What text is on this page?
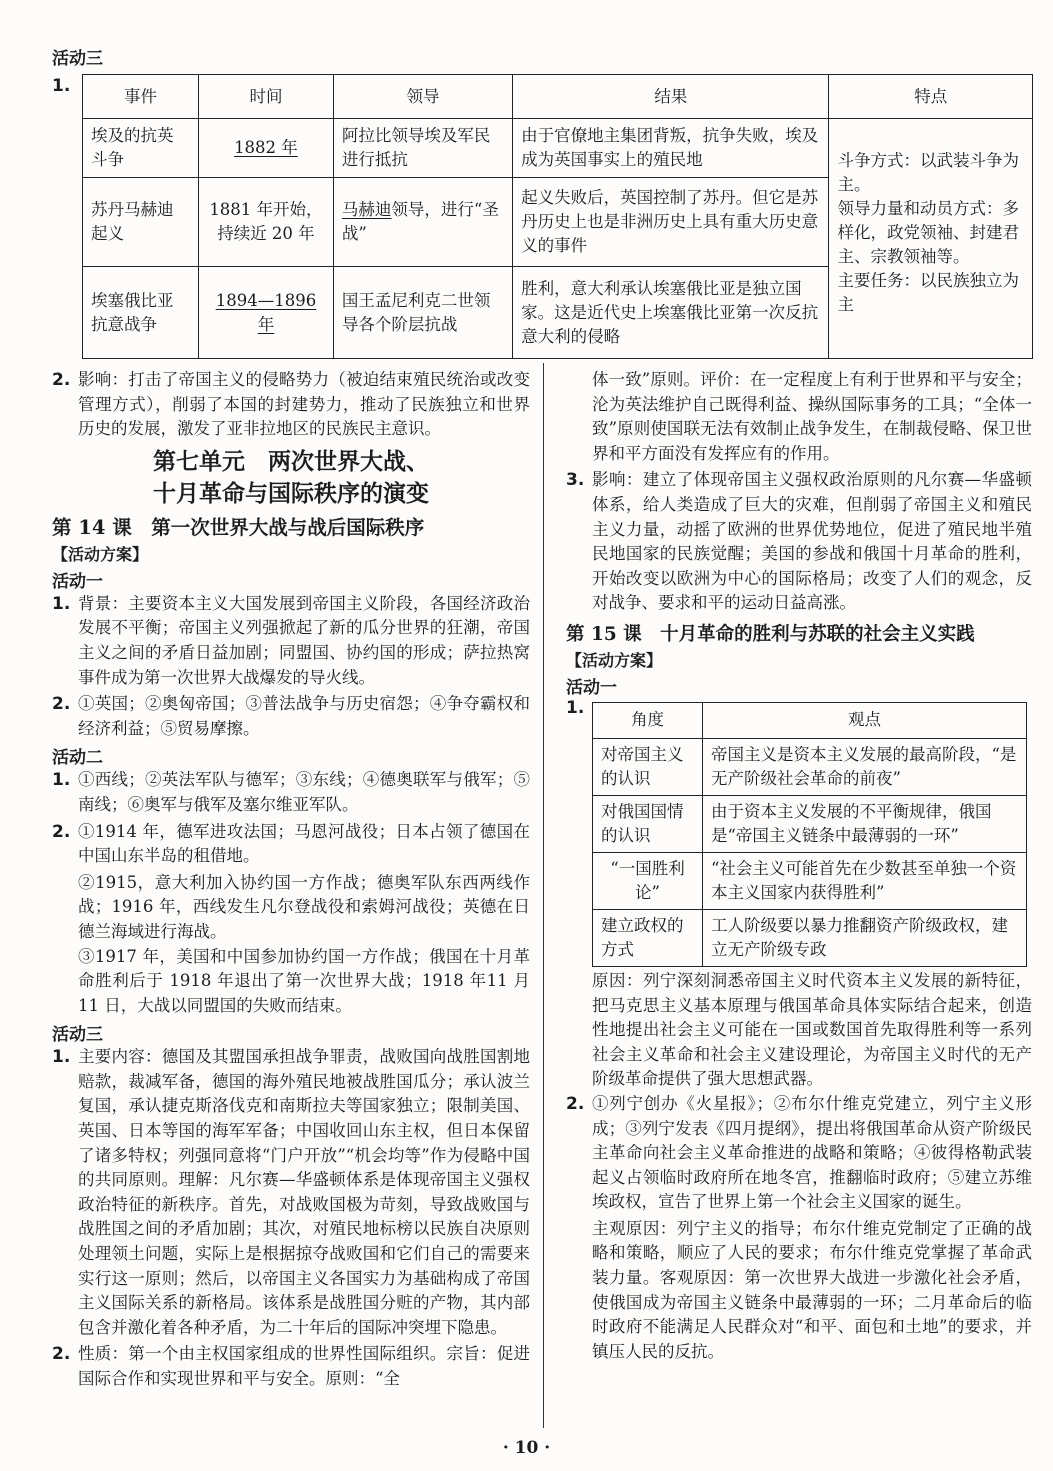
活动三
1.	事件	时间	领导	结果	特点
埃及的抗英斗争	1882 年	阿拉比领导埃及军民进行抵抗	由于官僚地主集团背叛，抗争失败，埃及成为英国事实上的殖民地	斗争方式：以武装斗争为主。
领导力量和动员方式：多样化，政党领袖、封建君主、宗教领袖等。
主要任务：以民族独立为主

苏丹马赫迪起义	1881 年开始，持续近 20 年	马赫迪领导，进行“圣战”	起义失败后，英国控制了苏丹。但它是苏丹历史上也是非洲历史上具有重大历史意义的事件	
埃塞俄比亚抗意战争	1894—1896 年	国王孟尼利克二世领导各个阶层抗战	胜利，意大利承认埃塞俄比亚是独立国家。这是近代史上埃塞俄比亚第一次反抗意大利的侵略	
2. 影响：打击了帝国主义的侵略势力（被迫结束殖民统治或改变管理方式），削弱了本国的封建势力，推动了民族独立和世界历史的发展，激发了亚非拉地区的民族民主意识。

第七单元　两次世界大战、
十月革命与国际秩序的演变
第 14 课　第一次世界大战与战后国际秩序
【活动方案】
活动一
1. 背景：主要资本主义大国发展到帝国主义阶段，各国经济政治发展不平衡；帝国主义列强掀起了新的瓜分世界的狂潮，帝国主义之间的矛盾日益加剧；同盟国、协约国的形成；萨拉热窝事件成为第一次世界大战爆发的导火线。

2. ①英国；②奥匈帝国；③普法战争与历史宿怨；④争夺霸权和经济利益；⑤贸易摩擦。

活动二
1. ①西线；②英法军队与德军；③东线；④德奥联军与俄军；⑤南线；⑥奥军与俄军及塞尔维亚军队。

2. ①1914 年，德军进攻法国；马恩河战役；日本占领了德国在中国山东半岛的租借地。

②1915，意大利加入协约国一方作战；德奥军队东西两线作战；1916 年，西线发生凡尔登战役和索姆河战役；英德在日德兰海域进行海战。

③1917 年，美国和中国参加协约国一方作战；俄国在十月革命胜利后于 1918 年退出了第一次世界大战；1918 年11 月 11 日，大战以同盟国的失败而结束。

活动三
1. 主要内容：德国及其盟国承担战争罪责，战败国向战胜国割地赔款，裁减军备，德国的海外殖民地被战胜国瓜分；承认波兰复国，承认捷克斯洛伐克和南斯拉夫等国家独立；限制美国、英国、日本等国的海军军备；中国收回山东主权，但日本保留了诸多特权；列强同意将“门户开放”“机会均等”作为侵略中国的共同原则。理解：凡尔赛—华盛顿体系是体现帝国主义强权政治特征的新秩序。首先，对战败国极为苛刻，导致战败国与战胜国之间的矛盾加剧；其次，对殖民地标榜以民族自决原则处理领土问题，实际上是根据掠夺战败国和它们自己的需要来实行这一原则；然后，以帝国主义各国实力为基础构成了帝国主义国际关系的新格局。该体系是战胜国分赃的产物，其内部包含并激化着各种矛盾，为二十年后的国际冲突埋下隐患。

2. 性质：第一个由主权国家组成的世界性国际组织。宗旨：促进国际合作和实现世界和平与安全。原则：“全

体一致”原则。评价：在一定程度上有利于世界和平与安全；沦为英法维护自己既得利益、操纵国际事务的工具；“全体一致”原则使国联无法有效制止战争发生，在制裁侵略、保卫世界和平方面没有发挥应有的作用。

3. 影响：建立了体现帝国主义强权政治原则的凡尔赛—华盛顿体系，给人类造成了巨大的灾难，但削弱了帝国主义和殖民主义力量，动摇了欧洲的世界优势地位，促进了殖民地半殖民地国家的民族觉醒；美国的参战和俄国十月革命的胜利，开始改变以欧洲为中心的国际格局；改变了人们的观念，反对战争、要求和平的运动日益高涨。

第 15 课　十月革命的胜利与苏联的社会主义实践
【活动方案】
活动一
1.
角度	观点
对帝国主义的认识	帝国主义是资本主义发展的最高阶段，“是无产阶级社会革命的前夜”
对俄国国情的认识	由于资本主义发展的不平衡规律，俄国是“帝国主义链条中最薄弱的一环”
“一国胜利论”	“社会主义可能首先在少数甚至单独一个资本主义国家内获得胜利”
建立政权的方式	工人阶级要以暴力推翻资产阶级政权，建立无产阶级专政

原因：列宁深刻洞悉帝国主义时代资本主义发展的新特征，把马克思主义基本原理与俄国革命具体实际结合起来，创造性地提出社会主义可能在一国或数国首先取得胜利等一系列社会主义革命和社会主义建设理论，为帝国主义时代的无产阶级革命提供了强大思想武器。

2. ①列宁创办《火星报》；②布尔什维克党建立，列宁主义形成；③列宁发表《四月提纲》，提出将俄国革命从资产阶级民主革命向社会主义革命推进的战略和策略；④彼得格勒武装起义占领临时政府所在地冬宫，推翻临时政府；⑤建立苏维埃政权，宣告了世界上第一个社会主义国家的诞生。

主观原因：列宁主义的指导；布尔什维克党制定了正确的战略和策略，顺应了人民的要求；布尔什维克党掌握了革命武装力量。客观原因：第一次世界大战进一步激化社会矛盾，使俄国成为帝国主义链条中最薄弱的一环；二月革命后的临时政府不能满足人民群众对“和平、面包和土地”的要求，并镇压人民的反抗。

· 10 ·
